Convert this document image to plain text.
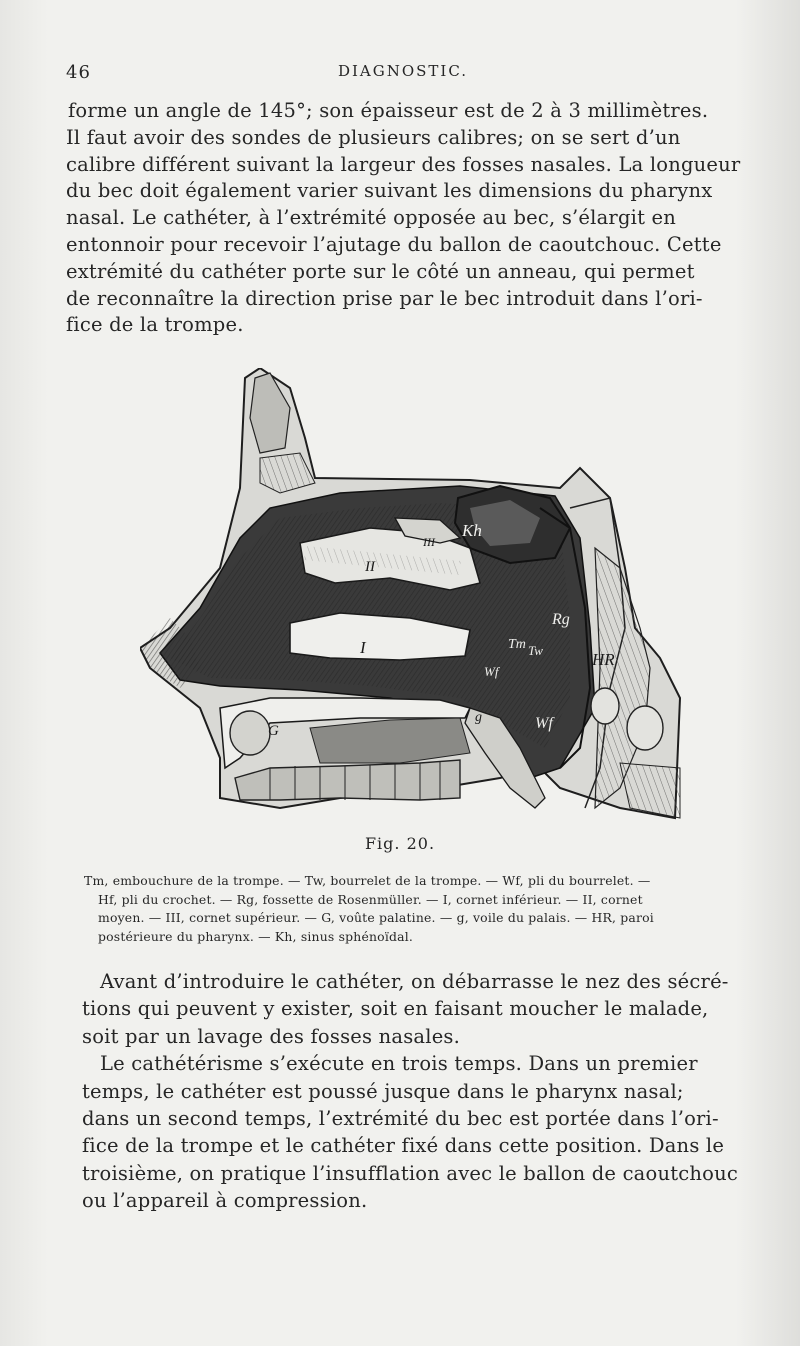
46	DIAGNOSTIC.
forme un angle de 145°; son épaisseur est de 2 à 3 millimètres.
Il faut avoir des sondes de plusieurs calibres; on se sert d’un
calibre différent suivant la largeur des fosses nasales. La longueur
du bec doit également varier suivant les dimensions du pharynx
nasal. Le cathéter, à l’extrémité opposée au bec, s’élargit en
entonnoir pour recevoir l’ajutage du ballon de caoutchouc. Cette
extrémité du cathéter porte sur le côté un anneau, qui permet
de reconnaître la direction prise par le bec introduit dans l’ori-
fice de la trompe.
Kh
III
II
I
Rg
Tm Tw
Wf
HR
G
g	Wf
Fig. 20.
Tm, embouchure de la trompe. — Tw, bourrelet de la trompe. — Wf, pli du bourrelet. —
Hf, pli du crochet. — Rg, fossette de Rosenmüller. — I, cornet inférieur. — II, cornet
moyen. — III, cornet supérieur. — G, voûte palatine. — g, voile du palais. — HR, paroi
postérieure du pharynx. — Kh, sinus sphénoïdal.
Avant d’introduire le cathéter, on débarrasse le nez des sécré-
tions qui peuvent y exister, soit en faisant moucher le malade,
soit par un lavage des fosses nasales.
Le cathétérisme s’exécute en trois temps. Dans un premier
temps, le cathéter est poussé jusque dans le pharynx nasal;
dans un second temps, l’extrémité du bec est portée dans l’ori-
fice de la trompe et le cathéter fixé dans cette position. Dans le
troisième, on pratique l’insufflation avec le ballon de caoutchouc
ou l’appareil à compression.
